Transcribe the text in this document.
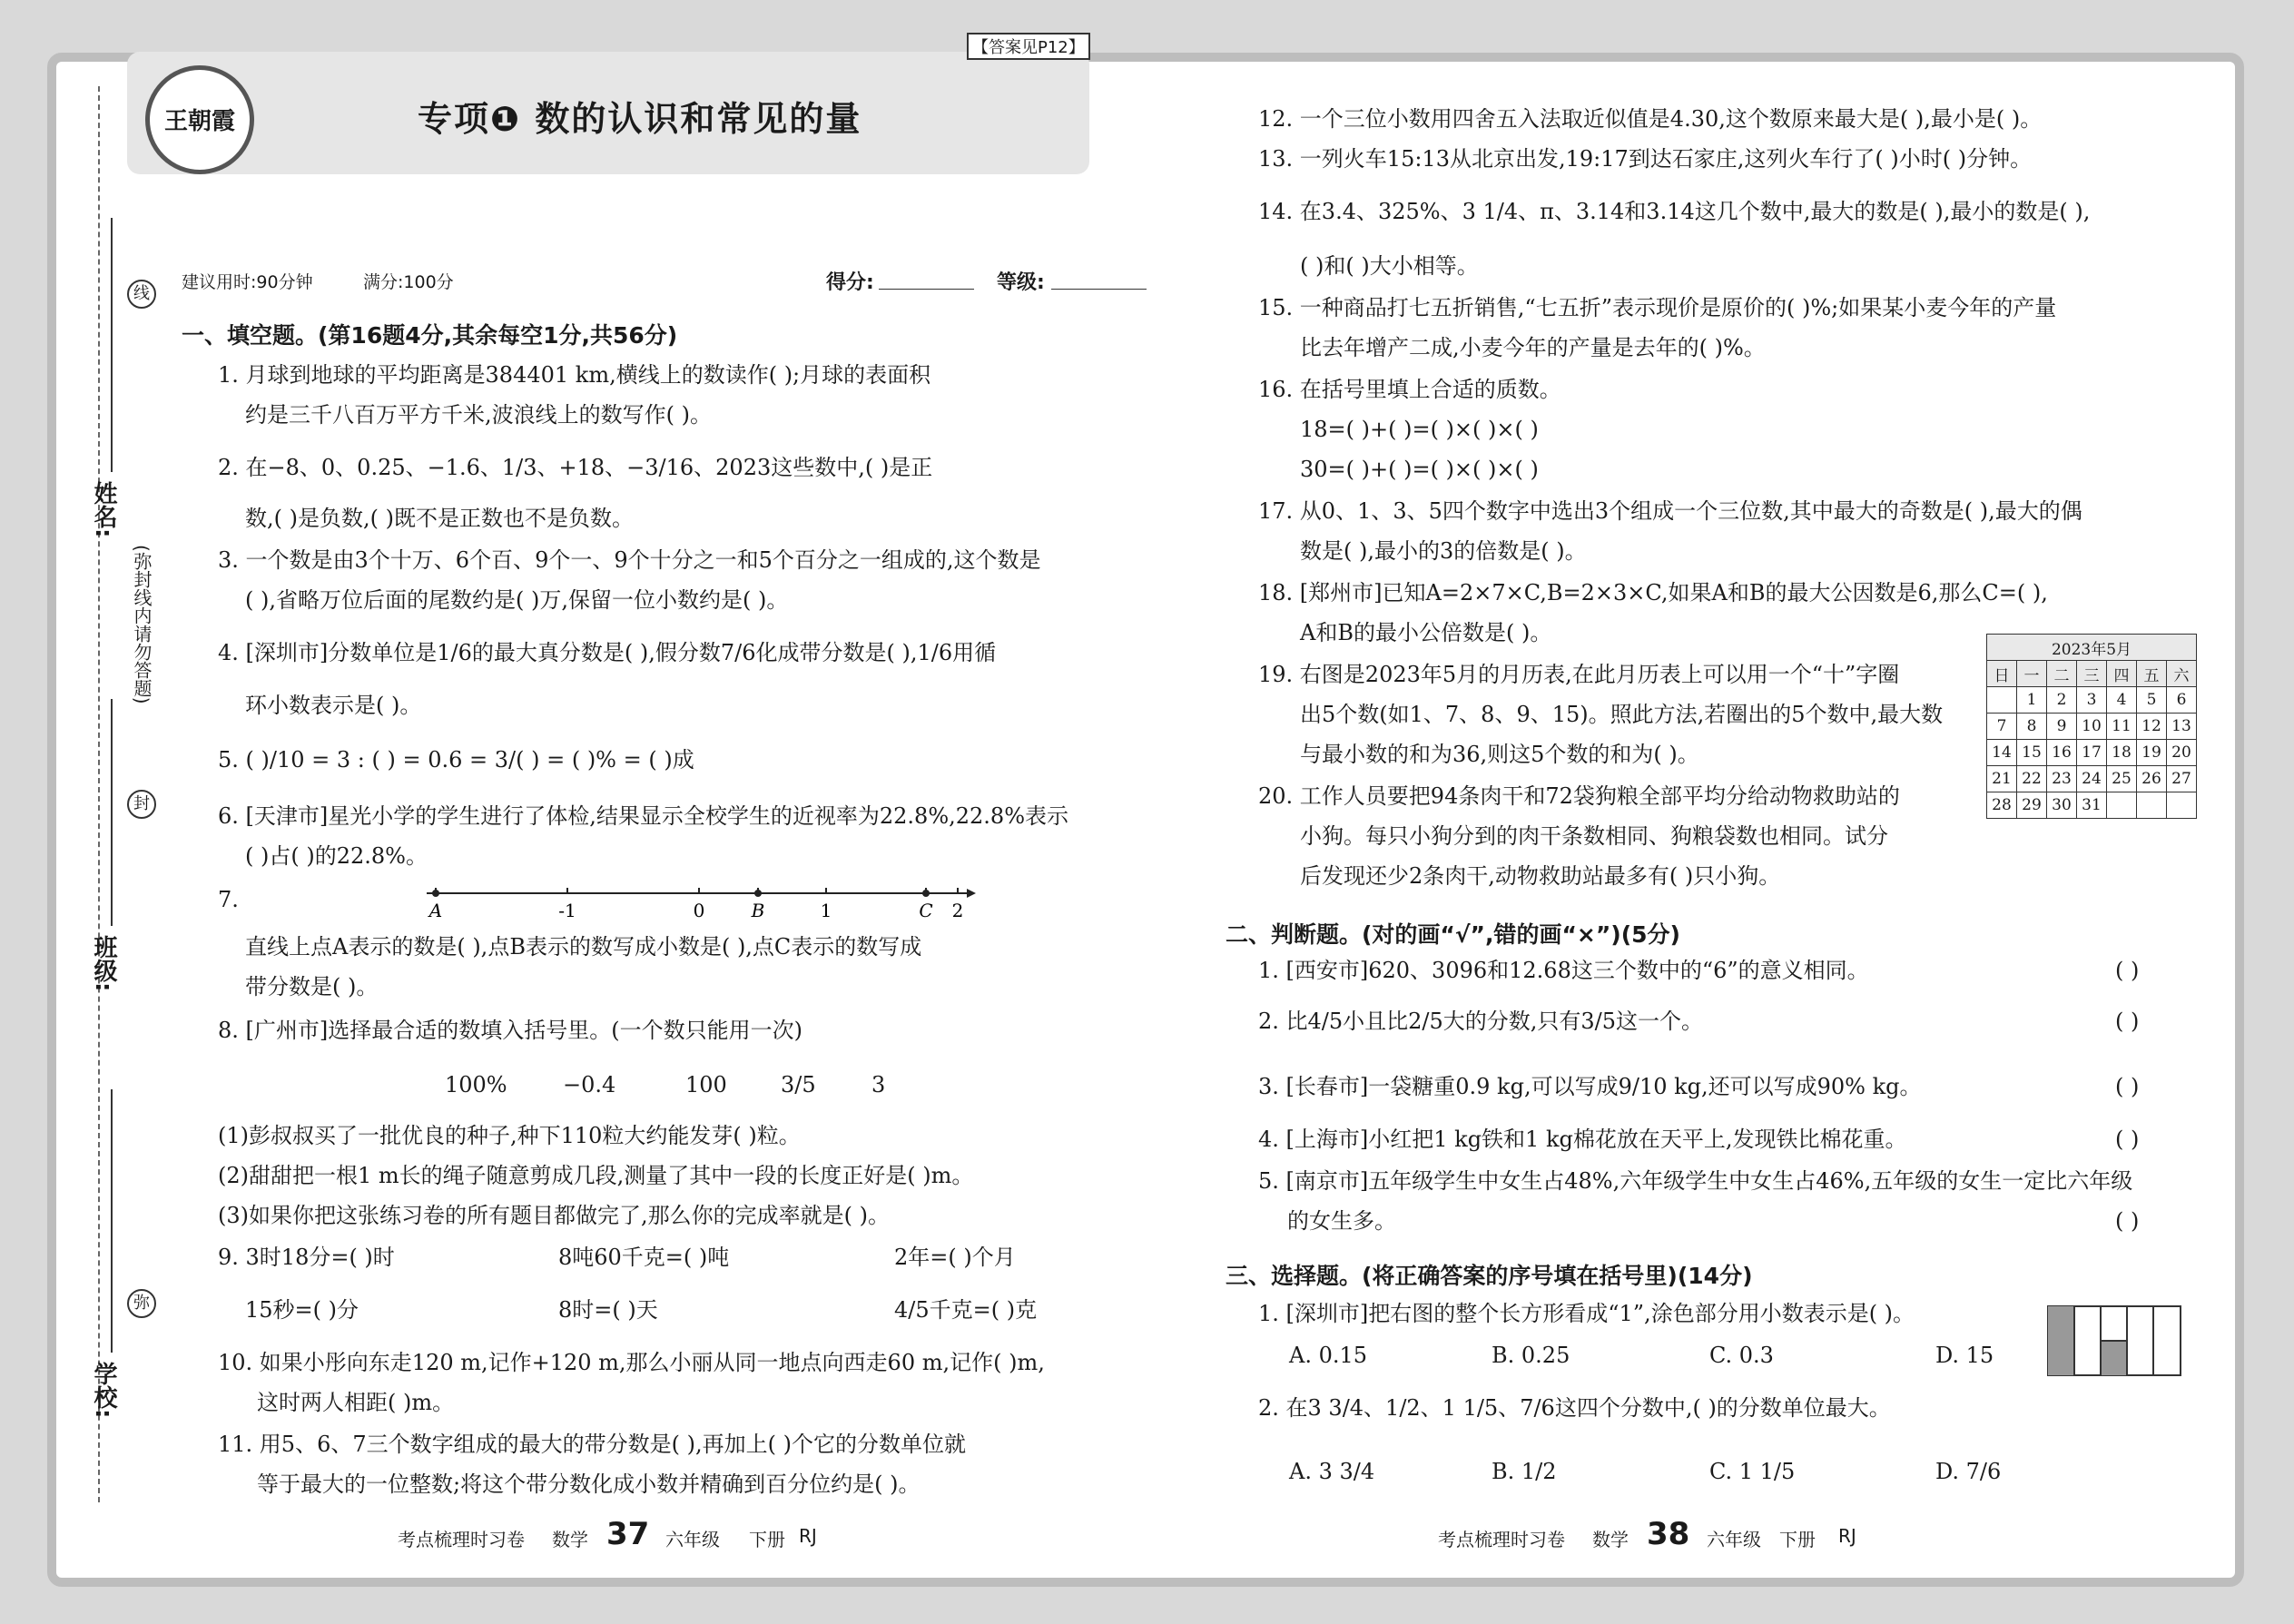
线
封
弥
姓名:
班级:
学校:
(弥封线内请勿答题)
王朝霞
【答案见P12】
专项❶ 数的认识和常见的量
建议用时:90分钟	满分:100分	得分:	等级:
一、填空题。(第16题4分,其余每空1分,共56分)
1. 月球到地球的平均距离是384401 km,横线上的数读作( );月球的表面积
约是三千八百万平方千米,波浪线上的数写作( )。
2. 在−8、0、0.25、−1.6、1/3、+18、−3/16、2023这些数中,( )是正
数,( )是负数,( )既不是正数也不是负数。
3. 一个数是由3个十万、6个百、9个一、9个十分之一和5个百分之一组成的,这个数是
( ),省略万位后面的尾数约是( )万,保留一位小数约是( )。
4. [深圳市]分数单位是1/6的最大真分数是( ),假分数7/6化成带分数是( ),1/6用循
环小数表示是( )。
5. ( )/10 = 3 : ( ) = 0.6 = 3/( ) = ( )% = ( )成
6. [天津市]星光小学的学生进行了体检,结果显示全校学生的近视率为22.8%,22.8%表示
( )占( )的22.8%。
7.	A	-1	0	B	1	C 2
直线上点A表示的数是( ),点B表示的数写成小数是( ),点C表示的数写成
带分数是( )。
8. [广州市]选择最合适的数填入括号里。(一个数只能用一次)
100%	−0.4	100 3/5	3
(1)彭叔叔买了一批优良的种子,种下110粒大约能发芽( )粒。
(2)甜甜把一根1 m长的绳子随意剪成几段,测量了其中一段的长度正好是( )m。
(3)如果你把这张练习卷的所有题目都做完了,那么你的完成率就是( )。
9. 3时18分=( )时	8吨60千克=( )吨	2年=( )个月
15秒=( )分	8时=( )天	4/5千克=( )克
10. 如果小彤向东走120 m,记作+120 m,那么小丽从同一地点向西走60 m,记作( )m,
这时两人相距( )m。
11. 用5、6、7三个数字组成的最大的带分数是( ),再加上( )个它的分数单位就
等于最大的一位整数;将这个带分数化成小数并精确到百分位约是( )。
考点梳理时习卷 数学 37 六年级 下册 RJ
12. 一个三位小数用四舍五入法取近似值是4.30,这个数原来最大是( ),最小是( )。
13. 一列火车15:13从北京出发,19:17到达石家庄,这列火车行了( )小时( )分钟。
14. 在3.4、325%、3 1/4、π、3.14和3.14这几个数中,最大的数是( ),最小的数是( ),
( )和( )大小相等。
15. 一种商品打七五折销售,“七五折”表示现价是原价的( )%;如果某小麦今年的产量
比去年增产二成,小麦今年的产量是去年的( )%。
16. 在括号里填上合适的质数。
18=( )+( )=( )×( )×( )
30=( )+( )=( )×( )×( )
17. 从0、1、3、5四个数字中选出3个组成一个三位数,其中最大的奇数是( ),最大的偶
数是( ),最小的3的倍数是( )。
18. [郑州市]已知A=2×7×C,B=2×3×C,如果A和B的最大公因数是6,那么C=( ),
A和B的最小公倍数是( )。
19. 右图是2023年5月的月历表,在此月历表上可以用一个“十”字圈
出5个数(如1、7、8、9、15)。照此方法,若圈出的5个数中,最大数
与最小数的和为36,则这5个数的和为( )。
20. 工作人员要把94条肉干和72袋狗粮全部平均分给动物救助站的
小狗。每只小狗分到的肉干条数相同、狗粮袋数也相同。试分
后发现还少2条肉干,动物救助站最多有( )只小狗。
2023年5月						
日	一	二	三	四	五	六
	1	2	3	4	5	6
7	8	9	10	11	12	13
14	15	16	17	18	19	20
21	22	23	24	25	26	27
28	29	30	31			
二、判断题。(对的画“√”,错的画“×”)(5分)
1. [西安市]620、3096和12.68这三个数中的“6”的意义相同。	( )
2. 比4/5小且比2/5大的分数,只有3/5这一个。	( )
3. [长春市]一袋糖重0.9 kg,可以写成9/10 kg,还可以写成90% kg。	( )
4. [上海市]小红把1 kg铁和1 kg棉花放在天平上,发现铁比棉花重。	( )
5. [南京市]五年级学生中女生占48%,六年级学生中女生占46%,五年级的女生一定比六年级
的女生多。	( )
三、选择题。(将正确答案的序号填在括号里)(14分)
1. [深圳市]把右图的整个长方形看成“1”,涂色部分用小数表示是( )。
A. 0.15	B. 0.25	C. 0.3	D. 15
2. 在3 3/4、1/2、1 1/5、7/6这四个分数中,( )的分数单位最大。
A. 3 3/4	B. 1/2	C. 1 1/5	D. 7/6
考点梳理时习卷 数学 38 六年级 下册 RJ
